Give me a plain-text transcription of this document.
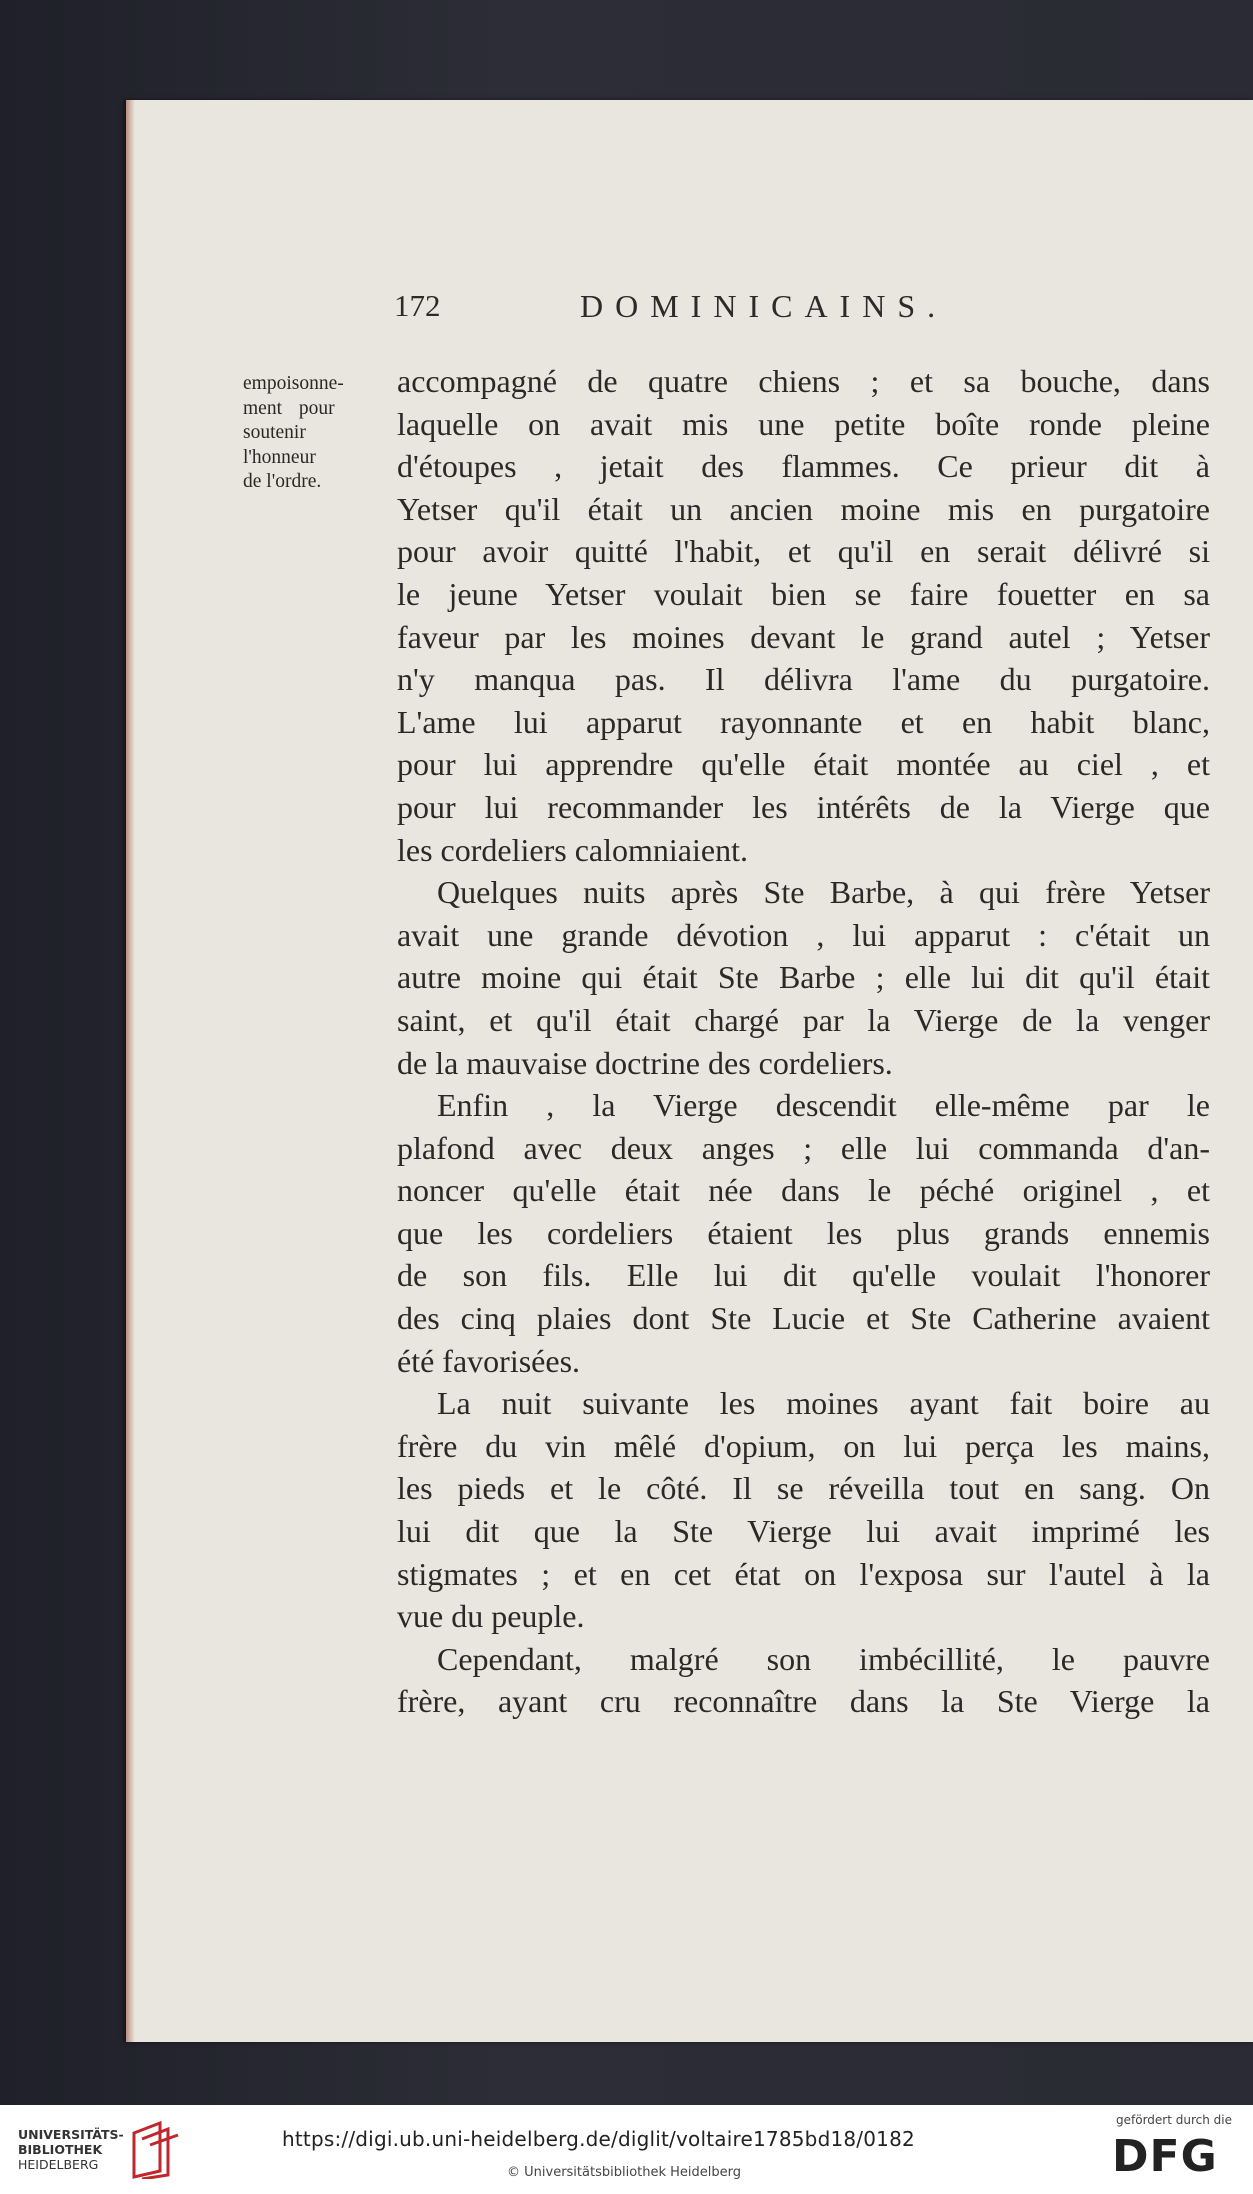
172	DOMINICAINS.
empoisonne-
ment pour
soutenir
l'honneur
de l'ordre.
accompagné de quatre chiens ; et sa bouche, dans
laquelle on avait mis une petite boîte ronde pleine
d'étoupes , jetait des flammes. Ce prieur dit à
Yetser qu'il était un ancien moine mis en purgatoire
pour avoir quitté l'habit, et qu'il en serait délivré si
le jeune Yetser voulait bien se faire fouetter en sa
faveur par les moines devant le grand autel ; Yetser
n'y manqua pas. Il délivra l'ame du purgatoire.
L'ame lui apparut rayonnante et en habit blanc,
pour lui apprendre qu'elle était montée au ciel , et
pour lui recommander les intérêts de la Vierge que
les cordeliers calomniaient.
Quelques nuits après Ste Barbe, à qui frère Yetser
avait une grande dévotion , lui apparut : c'était un
autre moine qui était Ste Barbe ; elle lui dit qu'il était
saint, et qu'il était chargé par la Vierge de la venger
de la mauvaise doctrine des cordeliers.
Enfin , la Vierge descendit elle-même par le
plafond avec deux anges ; elle lui commanda d'an-
noncer qu'elle était née dans le péché originel , et
que les cordeliers étaient les plus grands ennemis
de son fils. Elle lui dit qu'elle voulait l'honorer
des cinq plaies dont Ste Lucie et Ste Catherine avaient
été favorisées.
La nuit suivante les moines ayant fait boire au
frère du vin mêlé d'opium, on lui perça les mains,
les pieds et le côté. Il se réveilla tout en sang. On
lui dit que la Ste Vierge lui avait imprimé les
stigmates ; et en cet état on l'exposa sur l'autel à la
vue du peuple.
Cependant, malgré son imbécillité, le pauvre
frère, ayant cru reconnaître dans la Ste Vierge la
UNIVERSITÄTS-
BIBLIOTHEK
HEIDELBERG
https://digi.ub.uni-heidelberg.de/diglit/voltaire1785bd18/0182
© Universitätsbibliothek Heidelberg
gefördert durch die
DFG
